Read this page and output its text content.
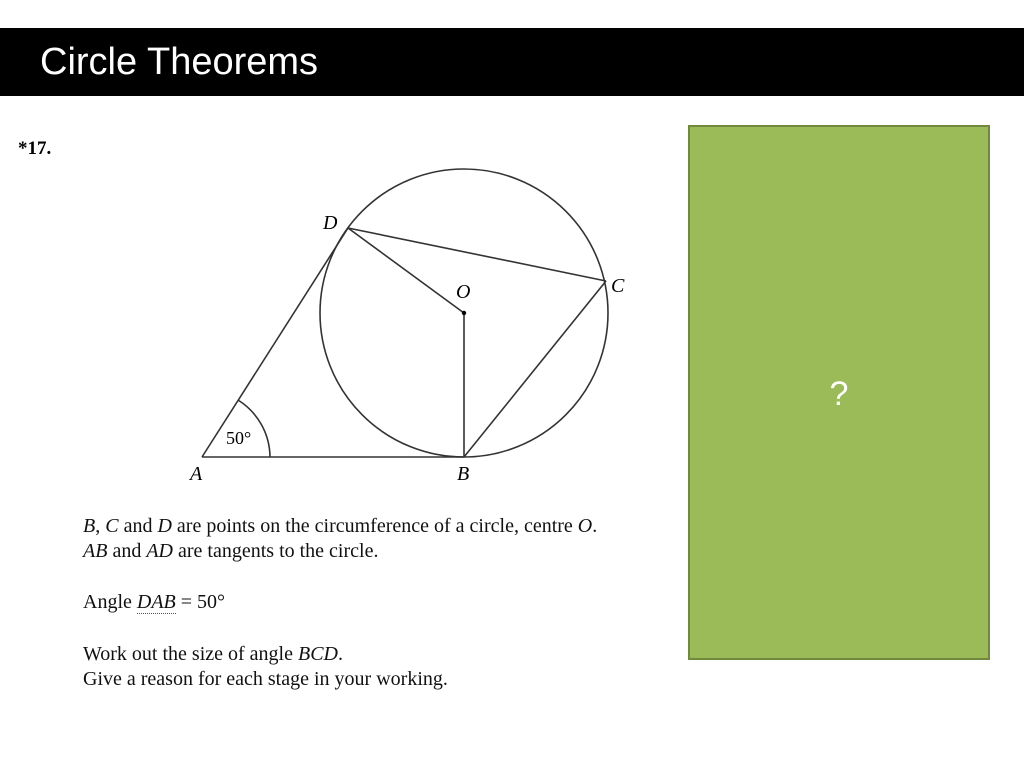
Circle Theorems
*17.
D
O	C
A	B
50°

B, C and D are points on the circumference of a circle, centre O.

AB and AD are tangents to the circle.

Angle DAB = 50°

Work out the size of angle BCD.

Give a reason for each stage in your working.

?
